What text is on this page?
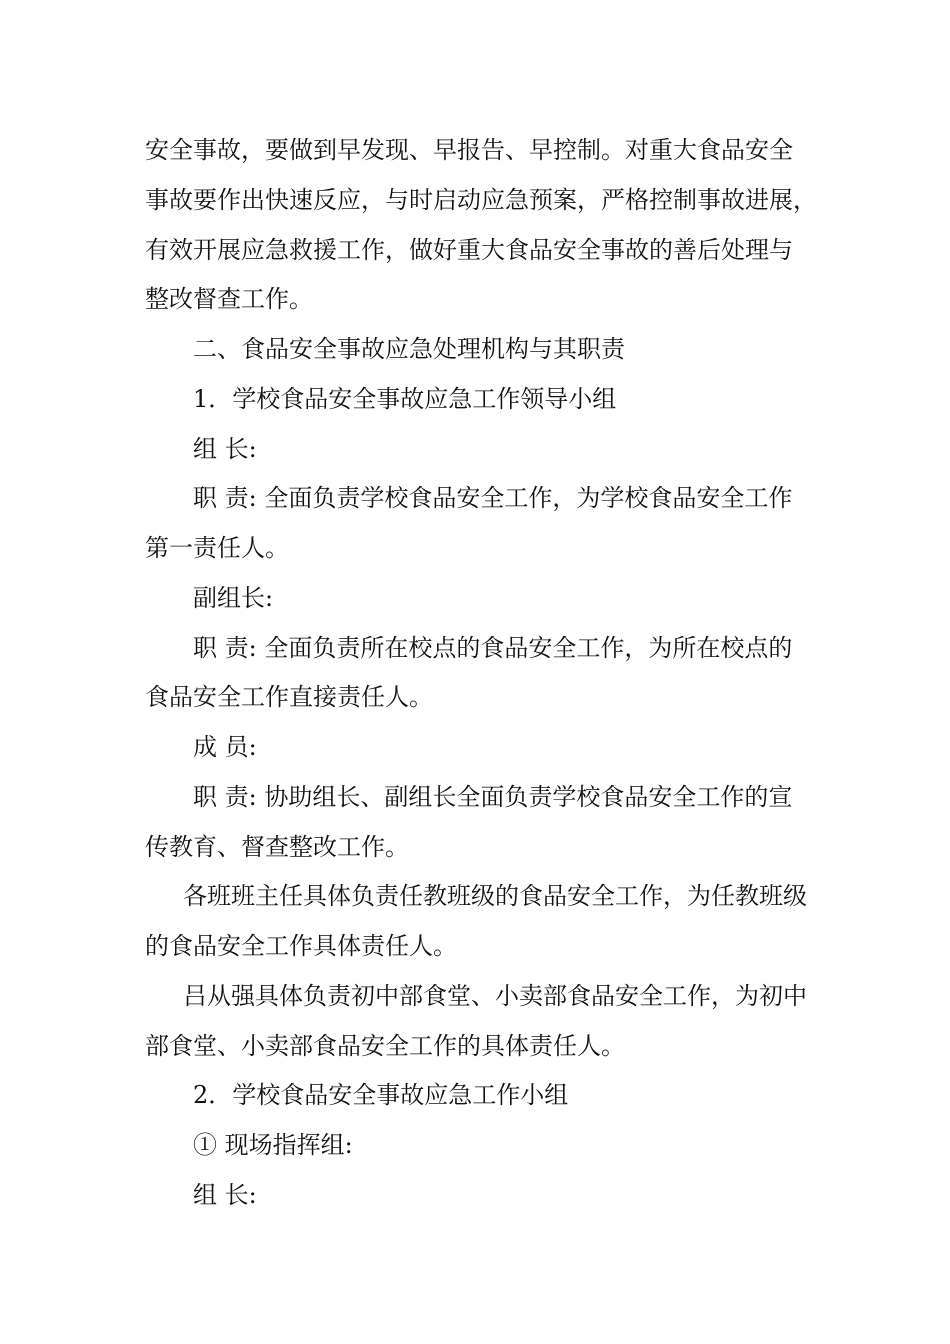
安全事故，要做到早发现、早报告、早控制。对重大食品安全
事故要作出快速反应，与时启动应急预案，严格控制事故进展，
有效开展应急救援工作，做好重大食品安全事故的善后处理与
整改督查工作。
二、食品安全事故应急处理机构与其职责
1．学校食品安全事故应急工作领导小组
组 长:
职 责: 全面负责学校食品安全工作，为学校食品安全工作
第一责任人。
副组长:
职 责: 全面负责所在校点的食品安全工作，为所在校点的
食品安全工作直接责任人。
成 员:
职 责: 协助组长、副组长全面负责学校食品安全工作的宣
传教育、督查整改工作。
各班班主任具体负责任教班级的食品安全工作，为任教班级
的食品安全工作具体责任人。
吕从强具体负责初中部食堂、小卖部食品安全工作，为初中
部食堂、小卖部食品安全工作的具体责任人。
2．学校食品安全事故应急工作小组
① 现场指挥组:
组 长:
